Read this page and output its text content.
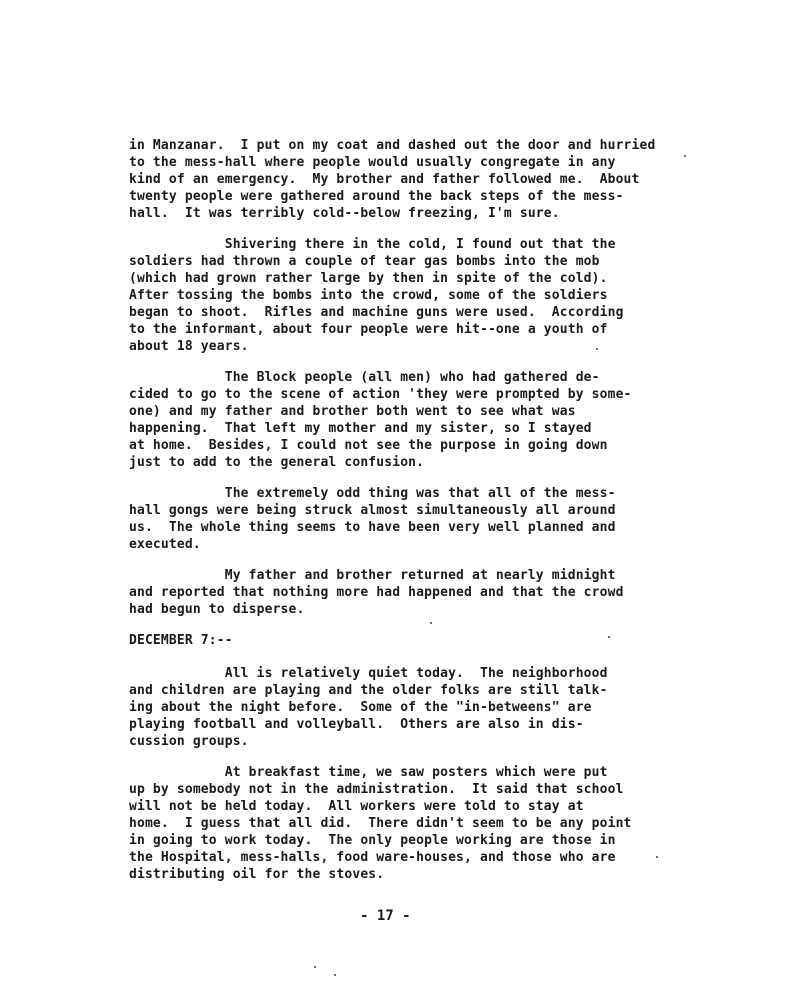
in Manzanar.  I put on my coat and dashed out the door and hurried
to the mess-hall where people would usually congregate in any
kind of an emergency.  My brother and father followed me.  About
twenty people were gathered around the back steps of the mess-
hall.  It was terribly cold--below freezing, I'm sure.
Shivering there in the cold, I found out that the
soldiers had thrown a couple of tear gas bombs into the mob
(which had grown rather large by then in spite of the cold).
After tossing the bombs into the crowd, some of the soldiers
began to shoot.  Rifles and machine guns were used.  According
to the informant, about four people were hit--one a youth of
about 18 years.
The Block people (all men) who had gathered de-
cided to go to the scene of action 'they were prompted by some-
one) and my father and brother both went to see what was
happening.  That left my mother and my sister, so I stayed
at home.  Besides, I could not see the purpose in going down
just to add to the general confusion.
The extremely odd thing was that all of the mess-
hall gongs were being struck almost simultaneously all around
us.  The whole thing seems to have been very well planned and
executed.
My father and brother returned at nearly midnight
and reported that nothing more had happened and that the crowd
had begun to disperse.
DECEMBER 7:--
All is relatively quiet today.  The neighborhood
and children are playing and the older folks are still talk-
ing about the night before.  Some of the "in-betweens" are
playing football and volleyball.  Others are also in dis-
cussion groups.
At breakfast time, we saw posters which were put
up by somebody not in the administration.  It said that school
will not be held today.  All workers were told to stay at
home.  I guess that all did.  There didn't seem to be any point
in going to work today.  The only people working are those in
the Hospital, mess-halls, food ware-houses, and those who are
distributing oil for the stoves.
- 17 -
